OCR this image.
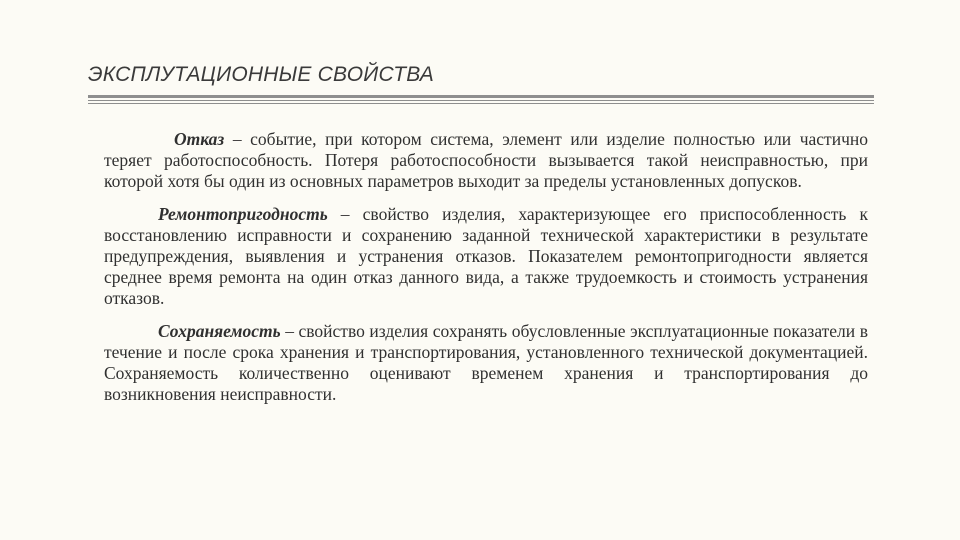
ЭКСПЛУТАЦИОННЫЕ СВОЙСТВА

Отказ – событие, при котором система, элемент или изделие полностью или частично теряет работоспособность. Потеря работоспособности вызывается такой неисправностью, при которой хотя бы один из основных параметров выходит за пределы установленных допусков.

Ремонтопригодность – свойство изделия, характеризующее его приспособленность к восстановлению исправности и сохранению заданной технической характеристики в результате предупреждения, выявления и устранения отказов. Показателем ремонтопригодности является среднее время ремонта на один отказ данного вида, а также трудоемкость и стоимость устранения отказов.

Сохраняемость – свойство изделия сохранять обусловленные эксплуатационные показатели в течение и после срока хранения и транспортирования, установленного технической документацией. Сохраняемость количественно оценивают временем хранения и транспортирования до возникновения неисправности.
